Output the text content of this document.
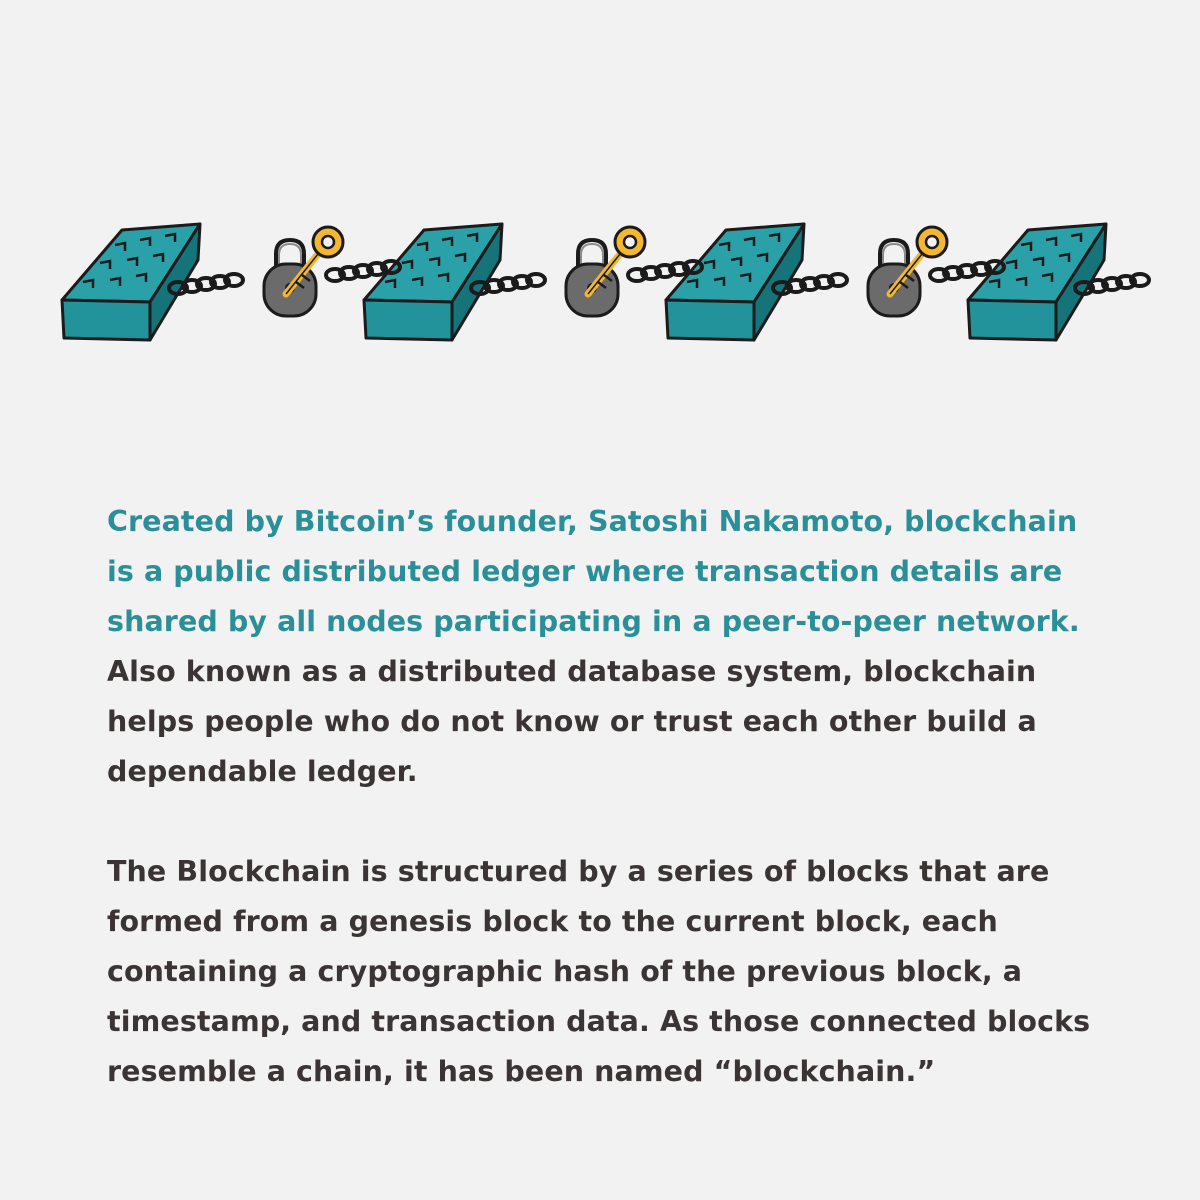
Created by Bitcoin’s founder, Satoshi Nakamoto, blockchain is a public distributed ledger where transaction details are shared by all nodes participating in a peer-to-peer network. Also known as a distributed database system, blockchain helps people who do not know or trust each other build a dependable ledger.

The Blockchain is structured by a series of blocks that are formed from a genesis block to the current block, each containing a cryptographic hash of the previous block, a timestamp, and transaction data. As those connected blocks resemble a chain, it has been named “blockchain.”
